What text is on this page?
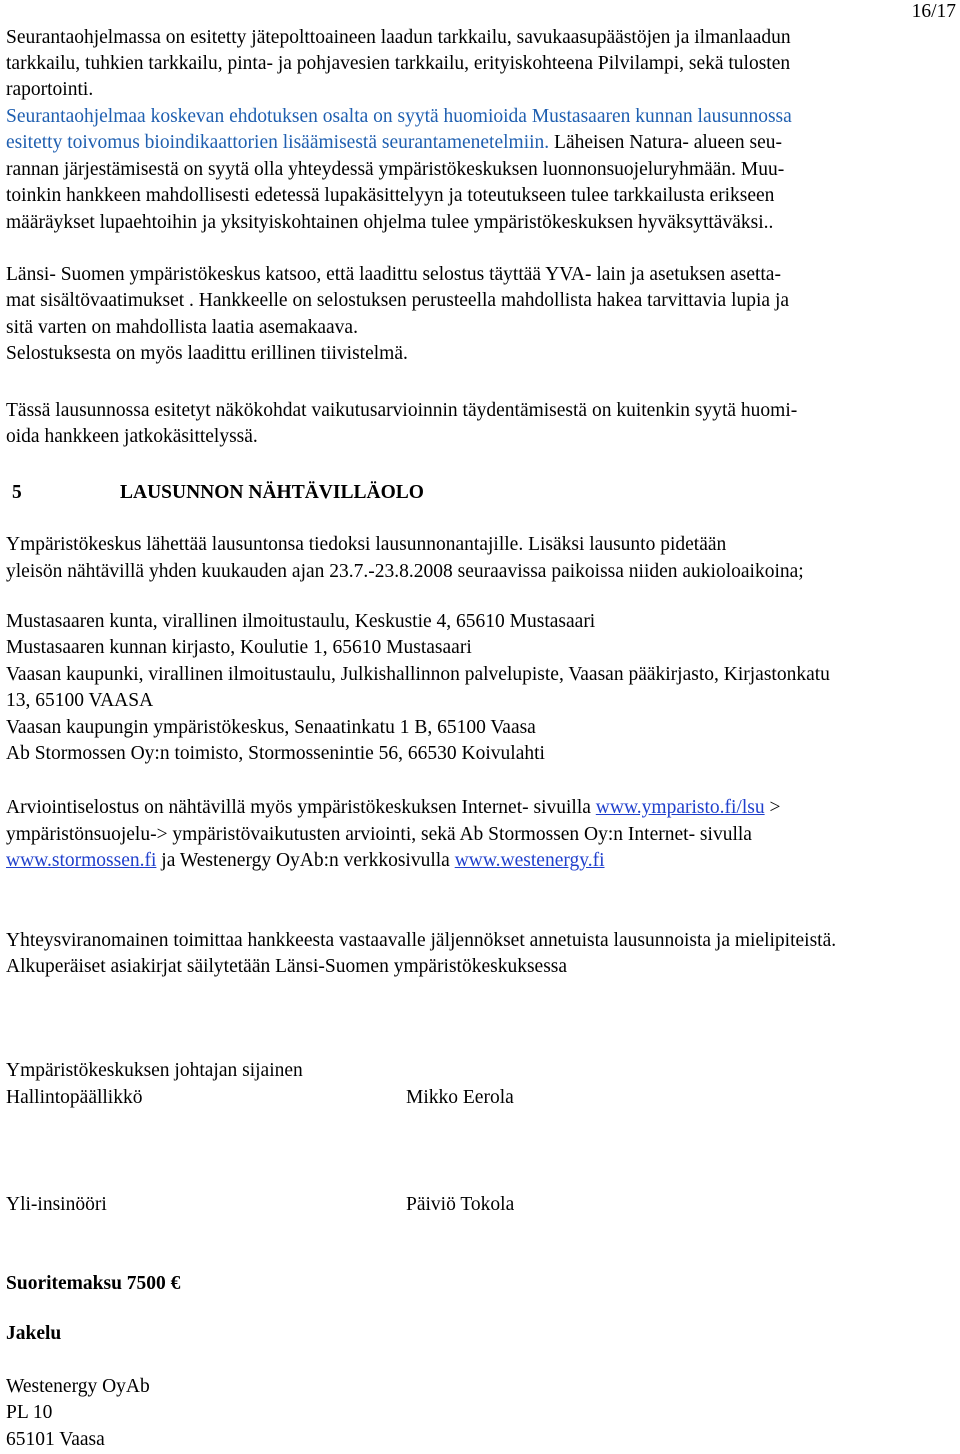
16/17
Seurantaohjelmassa on esitetty jätepolttoaineen laadun tarkkailu, savukaasupäästöjen ja ilmanlaadun
tarkkailu, tuhkien tarkkailu, pinta- ja pohjavesien tarkkailu, erityiskohteena Pilvilampi, sekä tulosten
raportointi.
Seurantaohjelmaa koskevan ehdotuksen osalta on syytä huomioida Mustasaaren kunnan lausunnossa
esitetty toivomus bioindikaattorien lisäämisestä seurantamenetelmiin. Läheisen Natura- alueen seu-
rannan järjestämisestä on syytä olla yhteydessä ympäristökeskuksen luonnonsuojeluryhmään. Muu-
toinkin hankkeen mahdollisesti edetessä lupakäsittelyyn ja toteutukseen tulee tarkkailusta erikseen
määräykset lupaehtoihin ja yksityiskohtainen ohjelma tulee ympäristökeskuksen hyväksyttäväksi..
Länsi- Suomen ympäristökeskus katsoo, että laadittu selostus täyttää YVA- lain ja asetuksen asetta-
mat sisältövaatimukset . Hankkeelle on selostuksen perusteella mahdollista hakea tarvittavia lupia ja
sitä varten on mahdollista laatia asemakaava.
Selostuksesta on myös laadittu erillinen tiivistelmä.
Tässä lausunnossa esitetyt näkökohdat vaikutusarvioinnin täydentämisestä on kuitenkin syytä huomi-
oida hankkeen jatkokäsittelyssä.
5	LAUSUNNON NÄHTÄVILLÄOLO
Ympäristökeskus lähettää lausuntonsa tiedoksi lausunnonantajille. Lisäksi lausunto pidetään
yleisön nähtävillä yhden kuukauden ajan 23.7.-23.8.2008 seuraavissa paikoissa niiden aukioloaikoina;
Mustasaaren kunta, virallinen ilmoitustaulu, Keskustie 4, 65610 Mustasaari
Mustasaaren kunnan kirjasto, Koulutie 1, 65610 Mustasaari
Vaasan kaupunki, virallinen ilmoitustaulu, Julkishallinnon palvelupiste, Vaasan pääkirjasto, Kirjastonkatu
13, 65100 VAASA
Vaasan kaupungin ympäristökeskus, Senaatinkatu 1 B, 65100 Vaasa
Ab Stormossen Oy:n toimisto, Stormossenintie 56, 66530 Koivulahti
Arviointiselostus on nähtävillä myös ympäristökeskuksen Internet- sivuilla www.ymparisto.fi/lsu >
ympäristönsuojelu-> ympäristövaikutusten arviointi, sekä Ab Stormossen Oy:n Internet- sivulla
www.stormossen.fi ja Westenergy OyAb:n verkkosivulla www.westenergy.fi
Yhteysviranomainen toimittaa hankkeesta vastaavalle jäljennökset annetuista lausunnoista ja mielipiteistä.
Alkuperäiset asiakirjat säilytetään Länsi-Suomen ympäristökeskuksessa
Ympäristökeskuksen johtajan sijainen
Hallintopäällikkö	Mikko Eerola
Yli-insinööri	Päiviö Tokola
Suoritemaksu 7500 €
Jakelu
Westenergy OyAb
PL 10
65101 Vaasa
